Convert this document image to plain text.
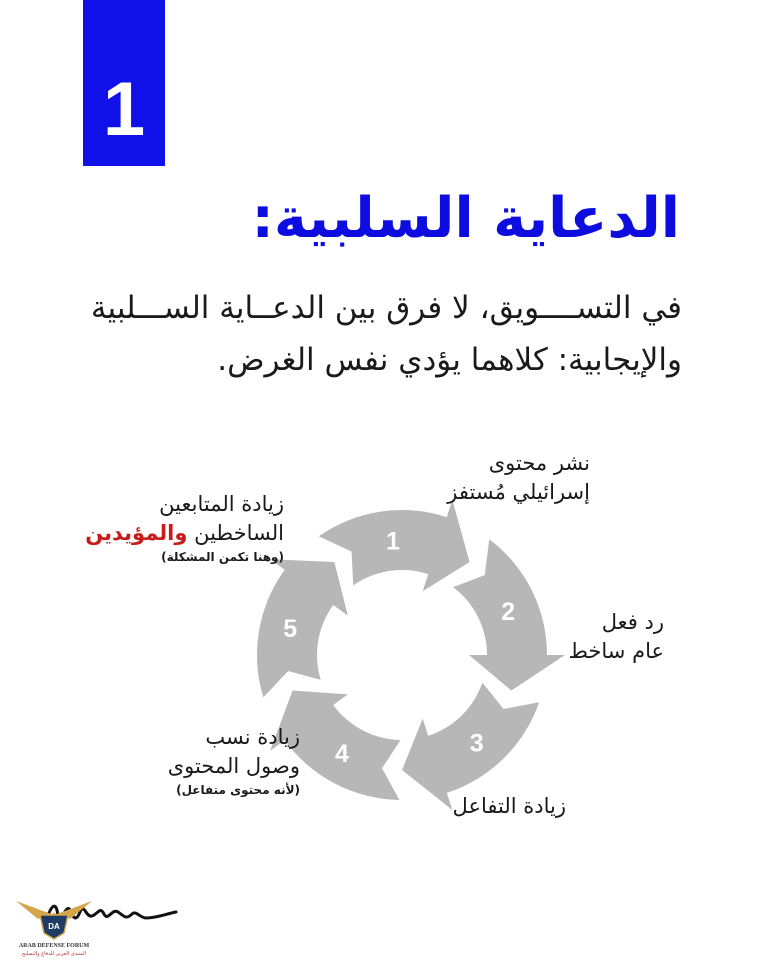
1
الدعاية السلبية:
في التســــويق، لا فرق بين الدعــاية الســـلبية
والإيجابية: كلاهما يؤدي نفس الغرض.
1
2
3
4
5
نشر محتوى
إسرائيلي مُستفز
رد فعل
عام ساخط
زيادة التفاعل
زيادة نسب
وصول المحتوى
(لأنه محتوى متفاعل)
زيادة المتابعين
الساخطين والمؤيدين
(وهنا تكمن المشكلة)
DA
ARAB DEFENSE FORUM
المنتدى العربي للدفاع والتسليح
